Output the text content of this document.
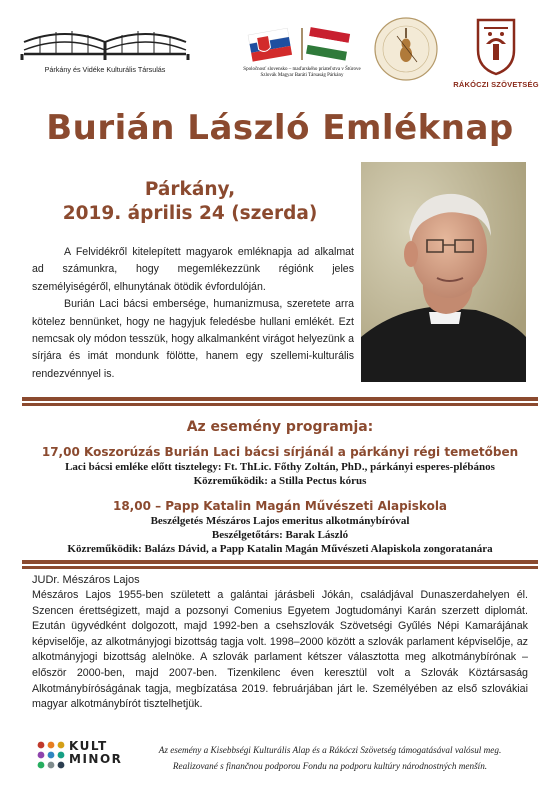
Párkány és Vidéke Kulturális Társulás	Spoločnosť slovensko – maďarského priateľstva v Štúrove
Szlovák Magyar Baráti Társaság Párkány
RÁKÓCZI SZÖVETSÉG
Burián László Emléknap
Párkány,
2019. április 24 (szerda)

A Felvidékről kitelepített magyarok emléknapja ad alkalmat ad számunkra, hogy megemlékezzünk régiónk jeles személyiségéről, elhunytának ötödik évfordulóján.

Burián Laci bácsi embersége, humanizmusa, szeretete arra kötelez bennünket, hogy ne hagyjuk feledésbe hullani emlékét. Ezt nemcsak oly módon tesszük, hogy alkalmanként virágot helyezünk a sírjára és imát mondunk fölötte, hanem egy szellemi-kulturális rendezvénnyel is.

Az esemény programja:
17,00 Koszorúzás Burián Laci bácsi sírjánál a párkányi régi temetőben
Laci bácsi emléke előtt tisztelegy: Ft. ThLic. Főthy Zoltán, PhD., párkányi esperes-plébános
Közreműködik: a Stilla Pectus kórus
18,00 – Papp Katalin Magán Művészeti Alapiskola
Beszélgetés Mészáros Lajos emeritus alkotmánybíróval
Beszélgetőtárs: Barak László
Közreműködik: Balázs Dávid, a Papp Katalin Magán Művészeti Alapiskola zongoratanára
JUDr. Mészáros Lajos

Mészáros Lajos 1955-ben született a galántai járásbeli Jókán, családjával Dunaszerdahelyen él. Szencen érettségizett, majd a pozsonyi Comenius Egyetem Jogtudományi Karán szerzett diplomát. Ezután ügyvédként dolgozott, majd 1992-ben a csehszlovák Szövetségi Gyűlés Népi Kamarájának képviselője, az alkotmányjogi bizottság tagja volt. 1998–2000 között a szlovák parlament képviselője, az alkotmányjogi bizottság alelnöke. A szlovák parlament kétszer választotta meg alkotmánybírónak – először 2000-ben, majd 2007-ben. Tizenkilenc éven keresztül volt a Szlovák Köztársaság Alkotmánybíróságának tagja, megbízatása 2019. februárjában járt le. Személyében az első szlovákiai magyar alkotmánybírót tisztelhetjük.

KULT
MINOR
Az esemény a Kisebbségi Kulturális Alap és a Rákóczi Szövetség támogatásával valósul meg.
Realizované s finančnou podporou Fondu na podporu kultúry národnostných menšín.
